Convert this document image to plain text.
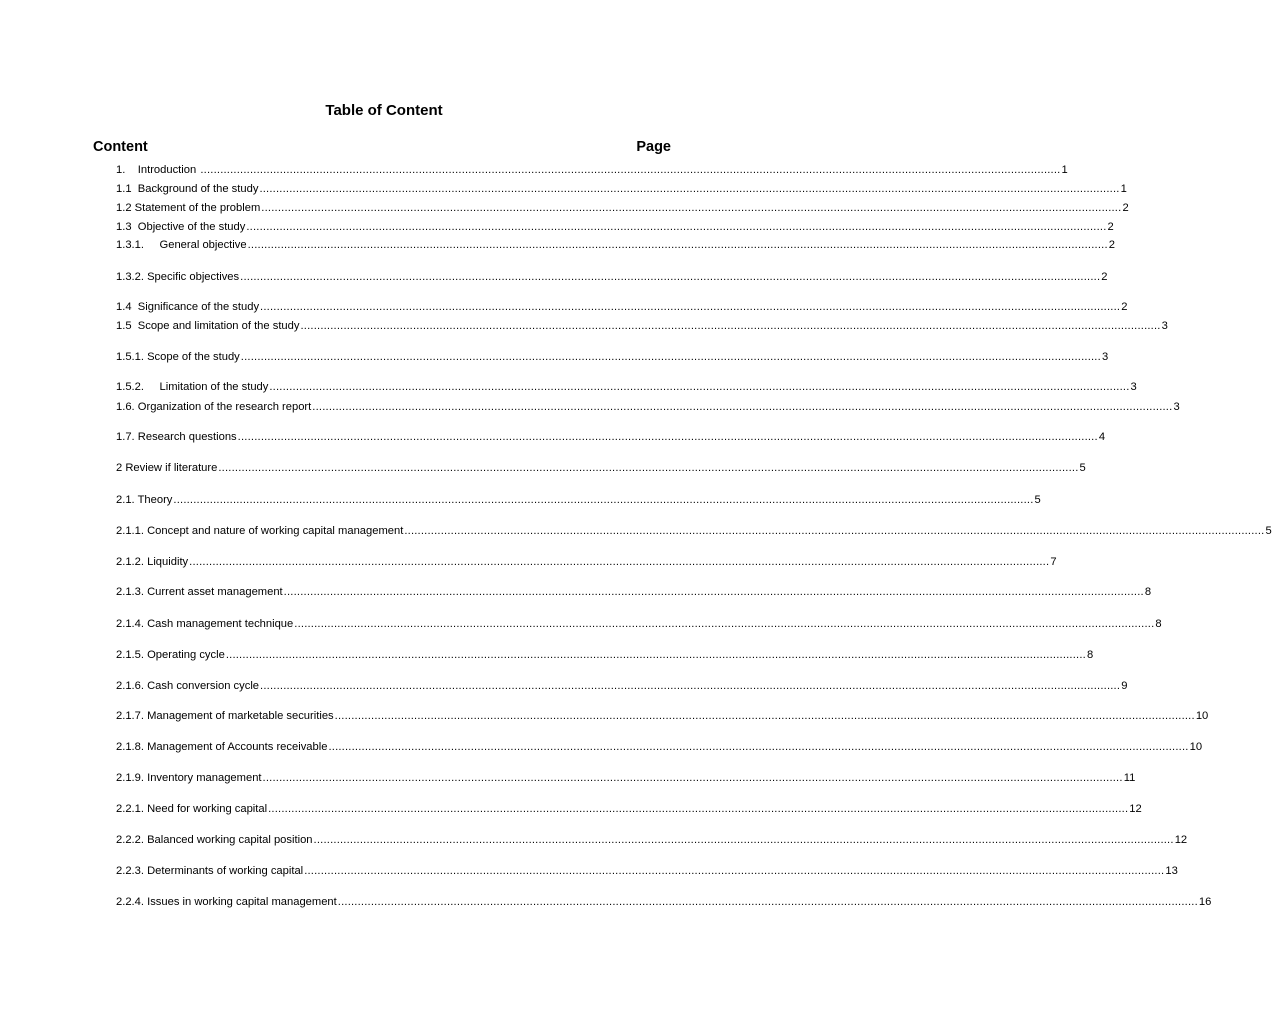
Table of Content
Content	Page
1.    Introduction .................................................................................................................................................................................................................................................................... 1
1.1  Background of the study .................................................................................................................................................................................................................................................................... 1
1.2 Statement of the problem .................................................................................................................................................................................................................................................................... 2
1.3  Objective of the study .................................................................................................................................................................................................................................................................... 2
1.3.1.     General objective .................................................................................................................................................................................................................................................................... 2
1.3.2. Specific objectives .................................................................................................................................................................................................................................................................... 2
1.4  Significance of the study .................................................................................................................................................................................................................................................................... 2
1.5  Scope and limitation of the study .................................................................................................................................................................................................................................................................... 3
1.5.1. Scope of the study .................................................................................................................................................................................................................................................................... 3
1.5.2.     Limitation of the study .................................................................................................................................................................................................................................................................... 3
1.6. Organization of the research report .................................................................................................................................................................................................................................................................... 3
1.7. Research questions .................................................................................................................................................................................................................................................................... 4
2 Review if literature .................................................................................................................................................................................................................................................................... 5
2.1. Theory .................................................................................................................................................................................................................................................................... 5
2.1.1. Concept and nature of working capital management .................................................................................................................................................................................................................................................................... 5
2.1.2. Liquidity .................................................................................................................................................................................................................................................................... 7
2.1.3. Current asset management .................................................................................................................................................................................................................................................................... 8
2.1.4. Cash management technique .................................................................................................................................................................................................................................................................... 8
2.1.5. Operating cycle .................................................................................................................................................................................................................................................................... 8
2.1.6. Cash conversion cycle .................................................................................................................................................................................................................................................................... 9
2.1.7. Management of marketable securities .................................................................................................................................................................................................................................................................... 10
2.1.8. Management of Accounts receivable .................................................................................................................................................................................................................................................................... 10
2.1.9. Inventory management .................................................................................................................................................................................................................................................................... 11
2.2.1. Need for working capital .................................................................................................................................................................................................................................................................... 12
2.2.2. Balanced working capital position .................................................................................................................................................................................................................................................................... 12
2.2.3. Determinants of working capital .................................................................................................................................................................................................................................................................... 13
2.2.4. Issues in working capital management .................................................................................................................................................................................................................................................................... 16
